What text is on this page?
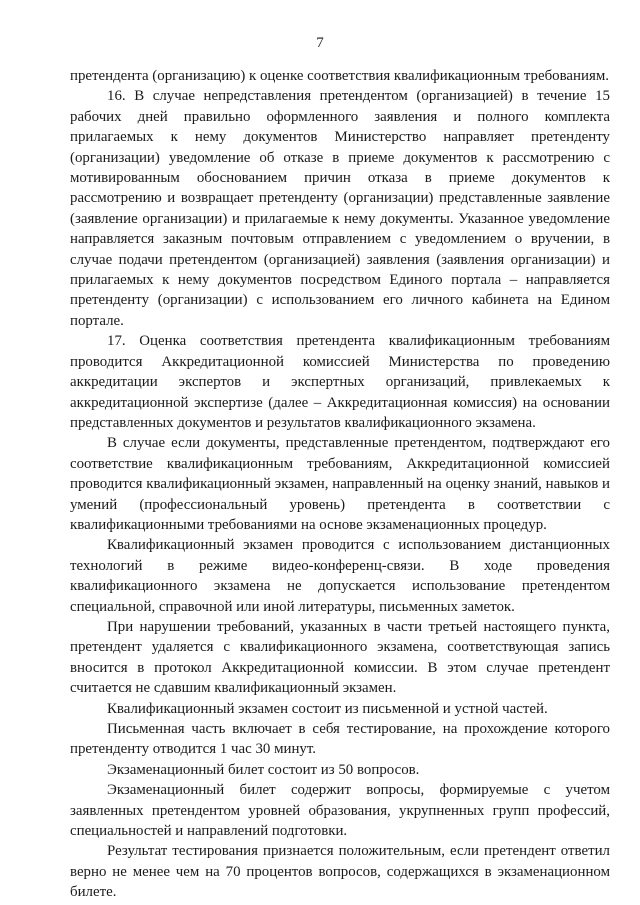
7

претендента (организацию) к оценке соответствия квалификационным требованиям.

16. В случае непредставления претендентом (организацией) в течение 15 рабочих дней правильно оформленного заявления и полного комплекта прилагаемых к нему документов Министерство направляет претенденту (организации) уведомление об отказе в приеме документов к рассмотрению с мотивированным обоснованием причин отказа в приеме документов к рассмотрению и возвращает претенденту (организации) представленные заявление (заявление организации) и прилагаемые к нему документы. Указанное уведомление направляется заказным почтовым отправлением с уведомлением о вручении, в случае подачи претендентом (организацией) заявления (заявления организации) и прилагаемых к нему документов посредством Единого портала – направляется претенденту (организации) с использованием его личного кабинета на Едином портале.

17. Оценка соответствия претендента квалификационным требованиям проводится Аккредитационной комиссией Министерства по проведению аккредитации экспертов и экспертных организаций, привлекаемых к аккредитационной экспертизе (далее – Аккредитационная комиссия) на основании представленных документов и результатов квалификационного экзамена.

В случае если документы, представленные претендентом, подтверждают его соответствие квалификационным требованиям, Аккредитационной комиссией проводится квалификационный экзамен, направленный на оценку знаний, навыков и умений (профессиональный уровень) претендента в соответствии с квалификационными требованиями на основе экзаменационных процедур.

Квалификационный экзамен проводится с использованием дистанционных технологий в режиме видео-конференц-связи. В ходе проведения квалификационного экзамена не допускается использование претендентом специальной, справочной или иной литературы, письменных заметок.

При нарушении требований, указанных в части третьей настоящего пункта, претендент удаляется с квалификационного экзамена, соответствующая запись вносится в протокол Аккредитационной комиссии. В этом случае претендент считается не сдавшим квалификационный экзамен.

Квалификационный экзамен состоит из письменной и устной частей.

Письменная часть включает в себя тестирование, на прохождение которого претенденту отводится 1 час 30 минут.

Экзаменационный билет состоит из 50 вопросов.

Экзаменационный билет содержит вопросы, формируемые с учетом заявленных претендентом уровней образования, укрупненных групп профессий, специальностей и направлений подготовки.

Результат тестирования признается положительным, если претендент ответил верно не менее чем на 70 процентов вопросов, содержащихся в экзаменационном билете.
